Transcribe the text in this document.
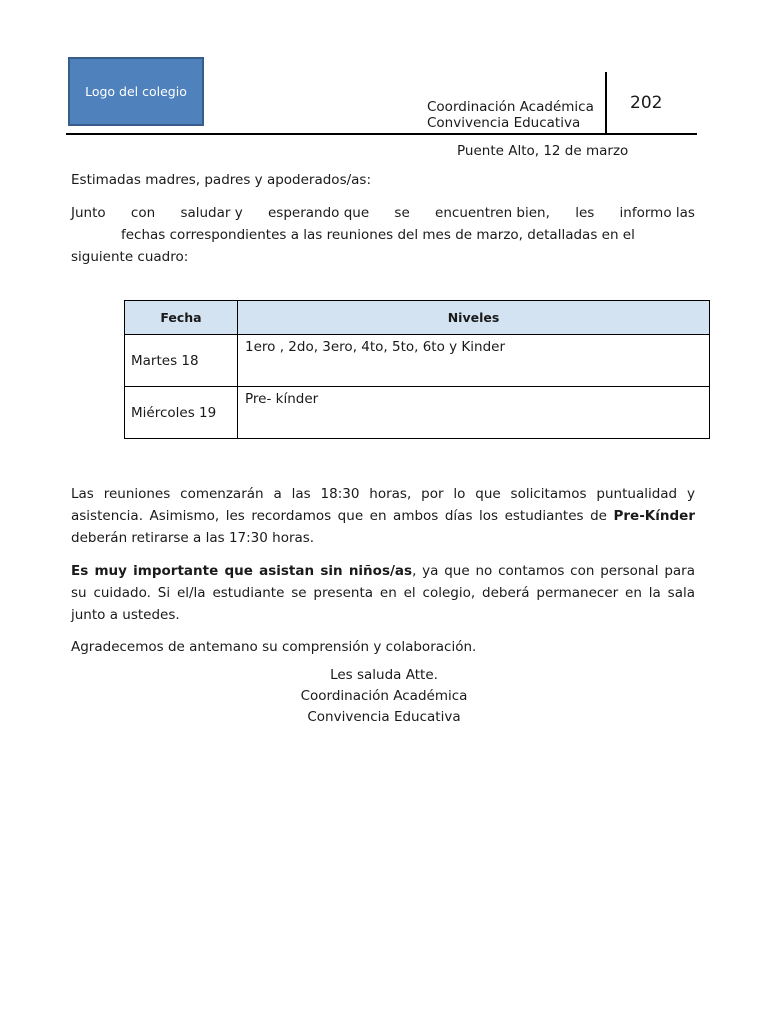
Logo del colegio
Coordinación Académica
Convivencia Educativa
202
Puente Alto, 12 de marzo
Estimadas madres, padres y apoderados/as:
Junto con saludar y esperando que se encuentren bien, les informo las
fechas correspondientes a las reuniones del mes de marzo, detalladas en el
siguiente cuadro:
Fecha	Niveles
Martes 18	1ero , 2do, 3ero, 4to, 5to, 6to y Kinder
Miércoles 19	Pre- kínder
Las reuniones comenzarán a las 18:30 horas, por lo que solicitamos puntualidad y asistencia. Asimismo, les recordamos que en ambos días los estudiantes de Pre-Kínder deberán retirarse a las 17:30 horas.
Es muy importante que asistan sin niños/as, ya que no contamos con personal para su cuidado. Si el/la estudiante se presenta en el colegio, deberá permanecer en la sala junto a ustedes.
Agradecemos de antemano su comprensión y colaboración.
Les saluda Atte.
Coordinación Académica
Convivencia Educativa
